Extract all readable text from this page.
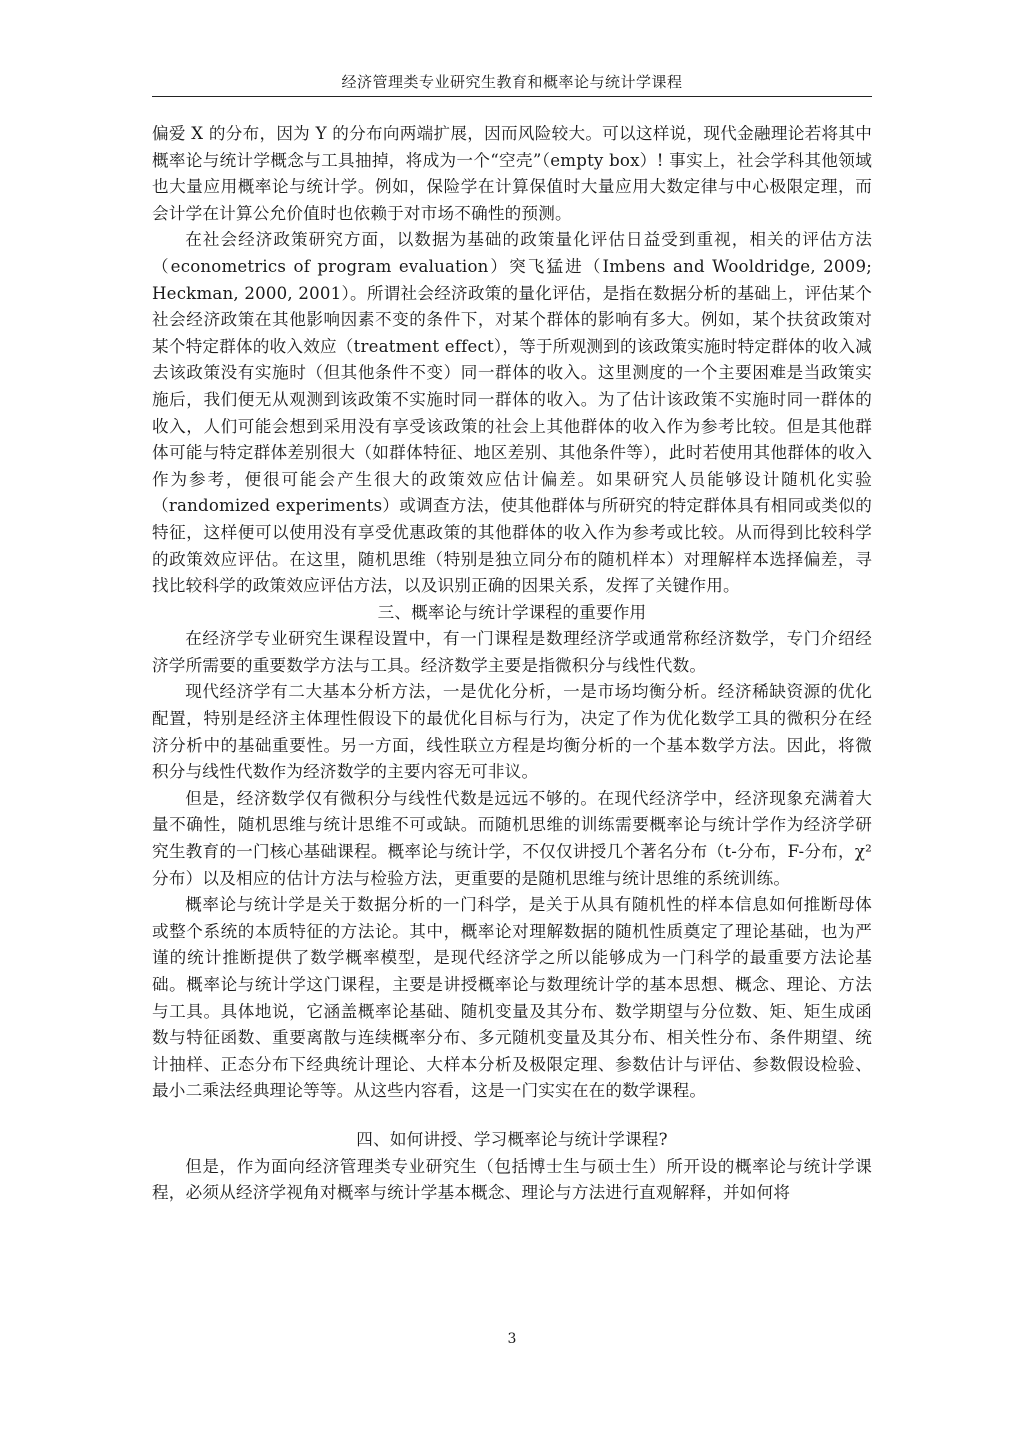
经济管理类专业研究生教育和概率论与统计学课程

偏爱 X 的分布，因为 Y 的分布向两端扩展，因而风险较大。可以这样说，现代金融理论若将其中概率论与统计学概念与工具抽掉，将成为一个“空壳”（empty box）! 事实上，社会学科其他领域也大量应用概率论与统计学。例如，保险学在计算保值时大量应用大数定律与中心极限定理，而会计学在计算公允价值时也依赖于对市场不确性的预测。

在社会经济政策研究方面，以数据为基础的政策量化评估日益受到重视，相关的评估方法（econometrics of program evaluation）突飞猛进（Imbens and Wooldridge, 2009; Heckman, 2000, 2001）。所谓社会经济政策的量化评估，是指在数据分析的基础上，评估某个社会经济政策在其他影响因素不变的条件下，对某个群体的影响有多大。例如，某个扶贫政策对某个特定群体的收入效应（treatment effect），等于所观测到的该政策实施时特定群体的收入减去该政策没有实施时（但其他条件不变）同一群体的收入。这里测度的一个主要困难是当政策实施后，我们便无从观测到该政策不实施时同一群体的收入。为了估计该政策不实施时同一群体的收入，人们可能会想到采用没有享受该政策的社会上其他群体的收入作为参考比较。但是其他群体可能与特定群体差别很大（如群体特征、地区差别、其他条件等），此时若使用其他群体的收入作为参考，便很可能会产生很大的政策效应估计偏差。如果研究人员能够设计随机化实验（randomized experiments）或调查方法，使其他群体与所研究的特定群体具有相同或类似的特征，这样便可以使用没有享受优惠政策的其他群体的收入作为参考或比较。从而得到比较科学的政策效应评估。在这里，随机思维（特别是独立同分布的随机样本）对理解样本选择偏差，寻找比较科学的政策效应评估方法，以及识别正确的因果关系，发挥了关键作用。

三、概率论与统计学课程的重要作用

在经济学专业研究生课程设置中，有一门课程是数理经济学或通常称经济数学，专门介绍经济学所需要的重要数学方法与工具。经济数学主要是指微积分与线性代数。

现代经济学有二大基本分析方法，一是优化分析，一是市场均衡分析。经济稀缺资源的优化配置，特别是经济主体理性假设下的最优化目标与行为，决定了作为优化数学工具的微积分在经济分析中的基础重要性。另一方面，线性联立方程是均衡分析的一个基本数学方法。因此，将微积分与线性代数作为经济数学的主要内容无可非议。

但是，经济数学仅有微积分与线性代数是远远不够的。在现代经济学中，经济现象充满着大量不确性，随机思维与统计思维不可或缺。而随机思维的训练需要概率论与统计学作为经济学研究生教育的一门核心基础课程。概率论与统计学，不仅仅讲授几个著名分布（t-分布，F-分布，χ² 分布）以及相应的估计方法与检验方法，更重要的是随机思维与统计思维的系统训练。

概率论与统计学是关于数据分析的一门科学，是关于从具有随机性的样本信息如何推断母体或整个系统的本质特征的方法论。其中，概率论对理解数据的随机性质奠定了理论基础，也为严谨的统计推断提供了数学概率模型，是现代经济学之所以能够成为一门科学的最重要方法论基础。概率论与统计学这门课程，主要是讲授概率论与数理统计学的基本思想、概念、理论、方法与工具。具体地说，它涵盖概率论基础、随机变量及其分布、数学期望与分位数、矩、矩生成函数与特征函数、重要离散与连续概率分布、多元随机变量及其分布、相关性分布、条件期望、统计抽样、正态分布下经典统计理论、大样本分析及极限定理、参数估计与评估、参数假设检验、最小二乘法经典理论等等。从这些内容看，这是一门实实在在的数学课程。

四、如何讲授、学习概率论与统计学课程?

但是，作为面向经济管理类专业研究生（包括博士生与硕士生）所开设的概率论与统计学课程，必须从经济学视角对概率与统计学基本概念、理论与方法进行直观解释，并如何将

3
